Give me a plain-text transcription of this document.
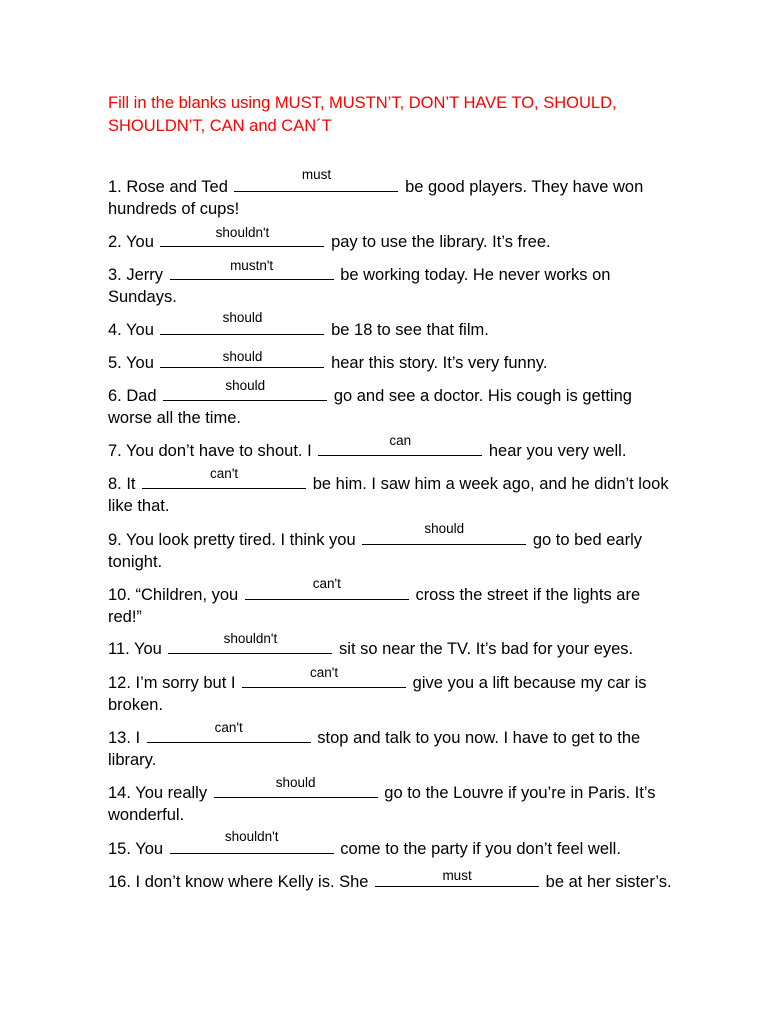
Fill in the blanks using MUST, MUSTN’T, DON’T HAVE TO, SHOULD, SHOULDN’T, CAN and CAN´T
1. Rose and Ted
must
be good players. They have won hundreds of cups!
2. You
shouldn't
pay to use the library. It’s free.
3. Jerry
mustn't
be working today. He never works on Sundays.
4. You
should
be 18 to see that film.
5. You	should	hear this story. It’s very funny.
6. Dad
should
go and see a doctor. His cough is getting worse all the time.
7. You don’t have to shout. I
can
hear you very well.
8. It
can't
be him. I saw him a week ago, and he didn’t look like that.
9. You look pretty tired. I think you
should
go to bed early tonight.
10. “Children, you
can't
cross the street if the lights are red!”
11. You
shouldn't
sit so near the TV. It’s bad for your eyes.
12. I’m sorry but I
can't
give you a lift because my car is broken.
13. I
can't
stop and talk to you now. I have to get to the library.
14. You really
should
go to the Louvre if you’re in Paris. It’s wonderful.
15. You
shouldn't
come to the party if you don’t feel well.
16. I don’t know where Kelly is. She	must	be at her sister’s.
